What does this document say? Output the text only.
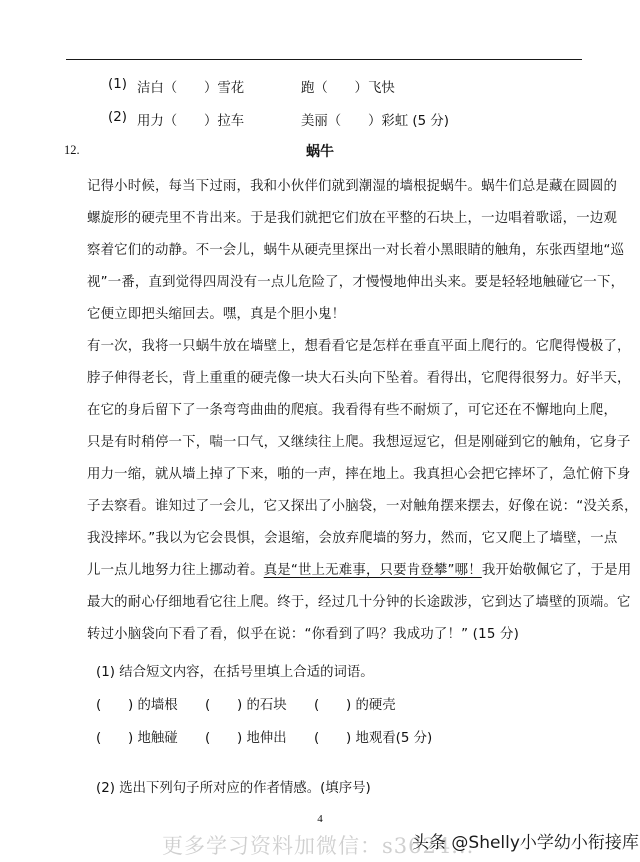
(1) 洁白（　　）雪花	跑（　　）飞快
(2) 用力（　　）拉车	美丽（　　）彩虹 (5 分)
12.	蜗牛
记得小时候，每当下过雨，我和小伙伴们就到潮湿的墙根捉蜗牛。蜗牛们总是藏在圆圆的
螺旋形的硬壳里不肯出来。于是我们就把它们放在平整的石块上，一边唱着歌谣，一边观
察着它们的动静。不一会儿，蜗牛从硬壳里探出一对长着小黑眼睛的触角，东张西望地“巡
视”一番，直到觉得四周没有一点儿危险了，才慢慢地伸出头来。要是轻轻地触碰它一下，
它便立即把头缩回去。嘿，真是个胆小鬼！
有一次，我将一只蜗牛放在墙壁上，想看看它是怎样在垂直平面上爬行的。它爬得慢极了，
脖子伸得老长，背上重重的硬壳像一块大石头向下坠着。看得出，它爬得很努力。好半天，
在它的身后留下了一条弯弯曲曲的爬痕。我看得有些不耐烦了，可它还在不懈地向上爬，
只是有时稍停一下，喘一口气，又继续往上爬。我想逗逗它，但是刚碰到它的触角，它身子
用力一缩，就从墙上掉了下来，啪的一声，摔在地上。我真担心会把它摔坏了，急忙俯下身
子去察看。谁知过了一会儿，它又探出了小脑袋，一对触角摆来摆去，好像在说：“没关系，
我没摔坏。”我以为它会畏惧，会退缩，会放弃爬墙的努力，然而，它又爬上了墙壁，一点
儿一点儿地努力往上挪动着。真是“世上无难事，只要肯登攀”哪！我开始敬佩它了，于是用
最大的耐心仔细地看它往上爬。终于，经过几十分钟的长途跋涉，它到达了墙壁的顶端。它
转过小脑袋向下看了看，似乎在说：“你看到了吗？我成功了！” (15 分)
(1) 结合短文内容，在括号里填上合适的词语。
(　　) 的墙根 (　　) 的石块 (　　) 的硬壳
(　　) 地触碰 (　　) 地伸出 (　　) 地观看(5 分)
(2) 选出下列句子所对应的作者情感。(填序号)
4
更多学习资料加微信：s3624...
头条 @Shelly小学幼小衔接库
